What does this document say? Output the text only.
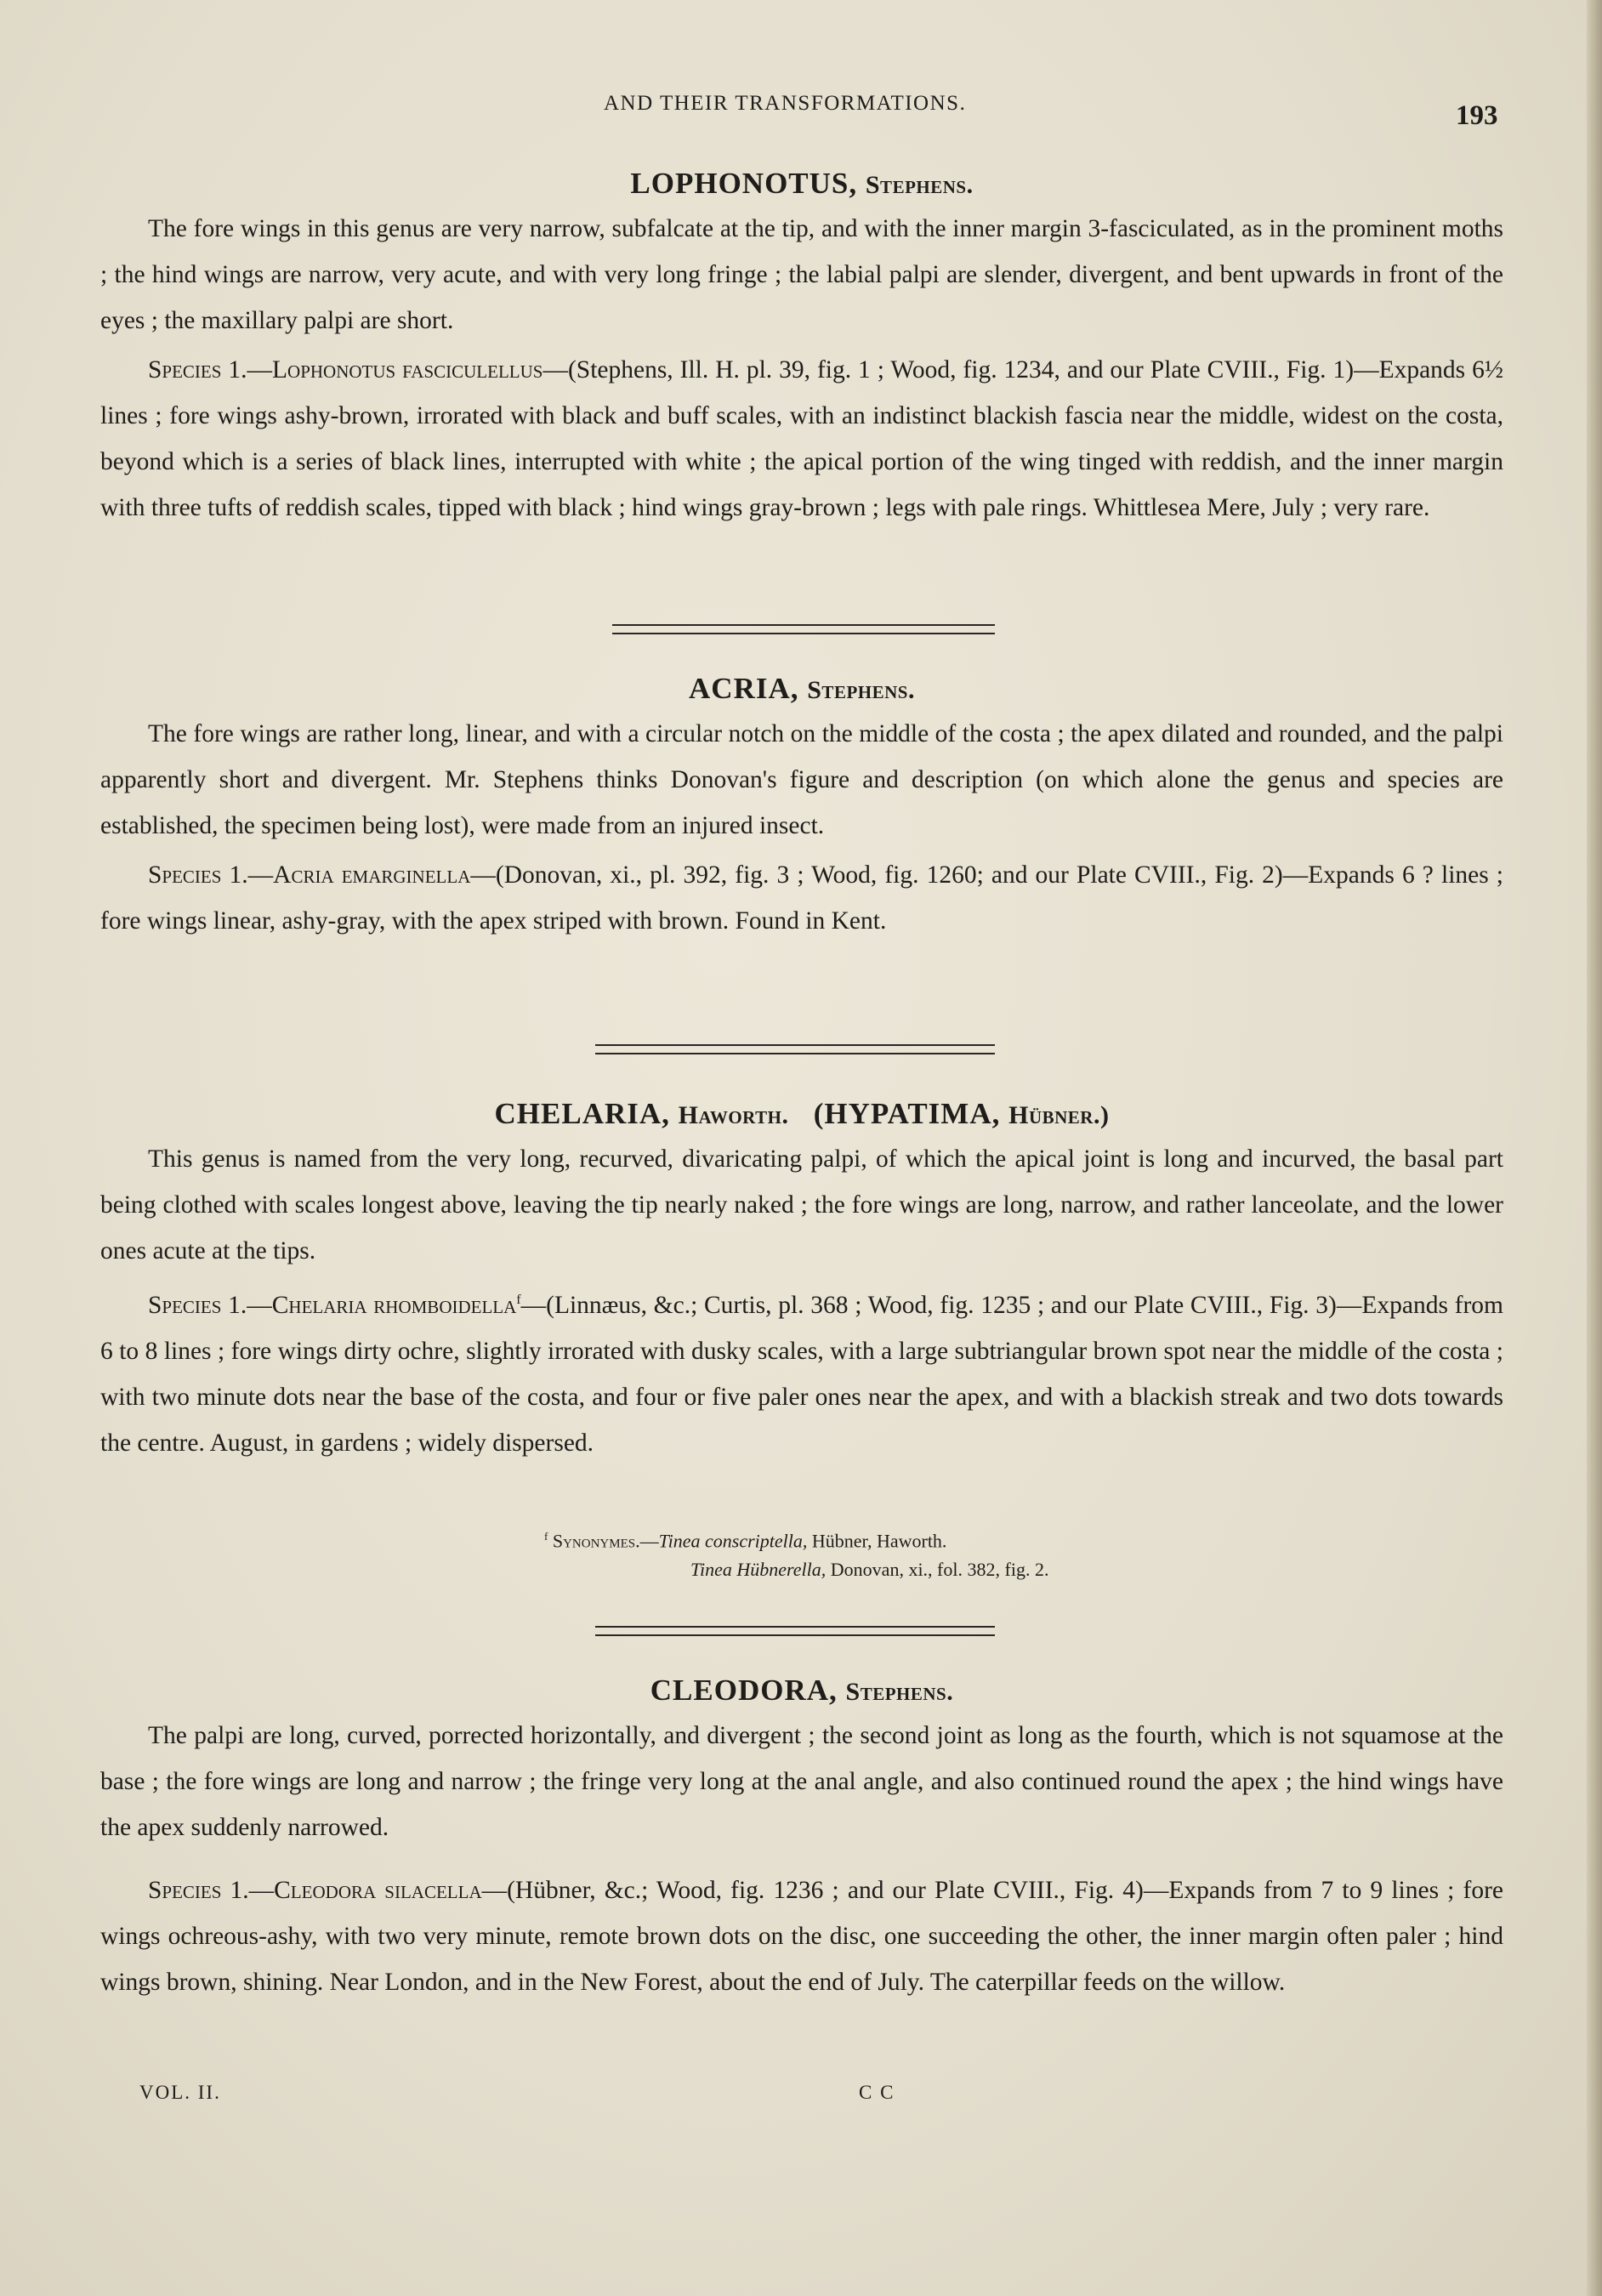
AND THEIR TRANSFORMATIONS.	193
LOPHONOTUS, Stephens.

The fore wings in this genus are very narrow, subfalcate at the tip, and with the inner margin 3-fasciculated, as in the prominent moths ; the hind wings are narrow, very acute, and with very long fringe ; the labial palpi are slender, divergent, and bent upwards in front of the eyes ; the maxillary palpi are short.

Species 1.—Lophonotus fasciculellus—(Stephens, Ill. H. pl. 39, fig. 1 ; Wood, fig. 1234, and our Plate CVIII., Fig. 1)—Expands 6½ lines ; fore wings ashy-brown, irrorated with black and buff scales, with an indistinct blackish fascia near the middle, widest on the costa, beyond which is a series of black lines, interrupted with white ; the apical portion of the wing tinged with reddish, and the inner margin with three tufts of reddish scales, tipped with black ; hind wings gray-brown ; legs with pale rings. Whittlesea Mere, July ; very rare.

ACRIA, Stephens.

The fore wings are rather long, linear, and with a circular notch on the middle of the costa ; the apex dilated and rounded, and the palpi apparently short and divergent. Mr. Stephens thinks Donovan's figure and description (on which alone the genus and species are established, the specimen being lost), were made from an injured insect.

Species 1.—Acria emarginella—(Donovan, xi., pl. 392, fig. 3 ; Wood, fig. 1260; and our Plate CVIII., Fig. 2)—Expands 6 ? lines ; fore wings linear, ashy-gray, with the apex striped with brown. Found in Kent.

CHELARIA, Haworth. (HYPATIMA, Hübner.)

This genus is named from the very long, recurved, divaricating palpi, of which the apical joint is long and incurved, the basal part being clothed with scales longest above, leaving the tip nearly naked ; the fore wings are long, narrow, and rather lanceolate, and the lower ones acute at the tips.

Species 1.—Chelaria rhomboidella$^f$—(Linnæus, &c.; Curtis, pl. 368 ; Wood, fig. 1235 ; and our Plate CVIII., Fig. 3)—Expands from 6 to 8 lines ; fore wings dirty ochre, slightly irrorated with dusky scales, with a large subtriangular brown spot near the middle of the costa ; with two minute dots near the base of the costa, and four or five paler ones near the apex, and with a blackish streak and two dots towards the centre. August, in gardens ; widely dispersed.

$^f$ Synonymes.—Tinea conscriptella, Hübner, Haworth.
Tinea Hübnerella, Donovan, xi., fol. 382, fig. 2.
CLEODORA, Stephens.

The palpi are long, curved, porrected horizontally, and divergent ; the second joint as long as the fourth, which is not squamose at the base ; the fore wings are long and narrow ; the fringe very long at the anal angle, and also continued round the apex ; the hind wings have the apex suddenly narrowed.

Species 1.—Cleodora silacella—(Hübner, &c.; Wood, fig. 1236 ; and our Plate CVIII., Fig. 4)—Expands from 7 to 9 lines ; fore wings ochreous-ashy, with two very minute, remote brown dots on the disc, one succeeding the other, the inner margin often paler ; hind wings brown, shining. Near London, and in the New Forest, about the end of July. The caterpillar feeds on the willow.

VOL. II.	C C
